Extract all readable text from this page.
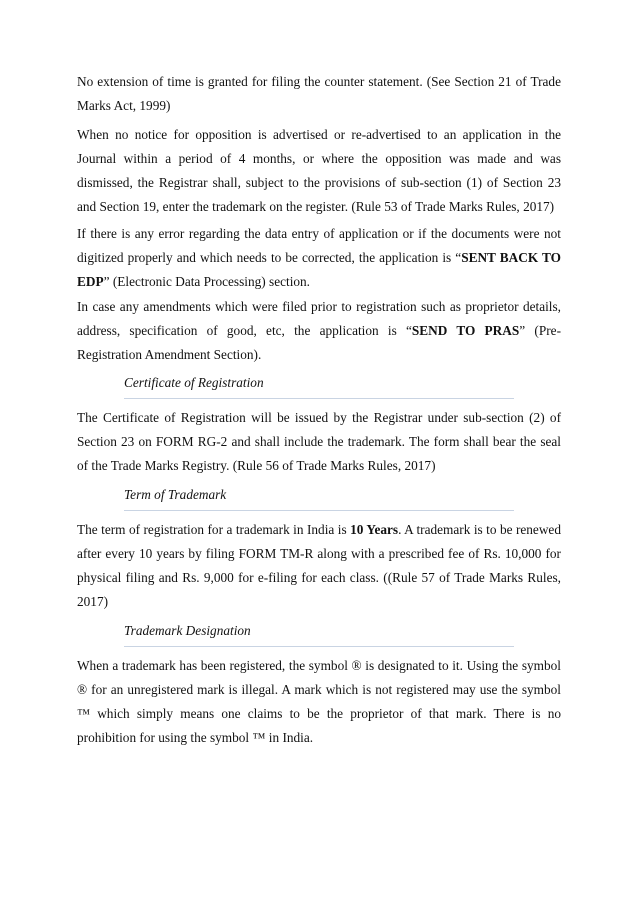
No extension of time is granted for filing the counter statement. (See Section 21 of Trade Marks Act, 1999)

When no notice for opposition is advertised or re-advertised to an application in the Journal within a period of 4 months, or where the opposition was made and was dismissed, the Registrar shall, subject to the provisions of sub-section (1) of Section 23 and Section 19, enter the trademark on the register. (Rule 53 of Trade Marks Rules, 2017)

If there is any error regarding the data entry of application or if the documents were not digitized properly and which needs to be corrected, the application is “SENT BACK TO EDP” (Electronic Data Processing) section.

In case any amendments which were filed prior to registration such as proprietor details, address, specification of good, etc, the application is “SEND TO PRAS” (Pre-Registration Amendment Section).

Certificate of Registration

The Certificate of Registration will be issued by the Registrar under sub-section (2) of Section 23 on FORM RG-2 and shall include the trademark. The form shall bear the seal of the Trade Marks Registry. (Rule 56 of Trade Marks Rules, 2017)

Term of Trademark

The term of registration for a trademark in India is 10 Years. A trademark is to be renewed after every 10 years by filing FORM TM-R along with a prescribed fee of Rs. 10,000 for physical filing and Rs. 9,000 for e-filing for each class. ((Rule 57 of Trade Marks Rules, 2017)

Trademark Designation

When a trademark has been registered, the symbol ® is designated to it. Using the symbol ® for an unregistered mark is illegal. A mark which is not registered may use the symbol ™ which simply means one claims to be the proprietor of that mark. There is no prohibition for using the symbol ™ in India.
